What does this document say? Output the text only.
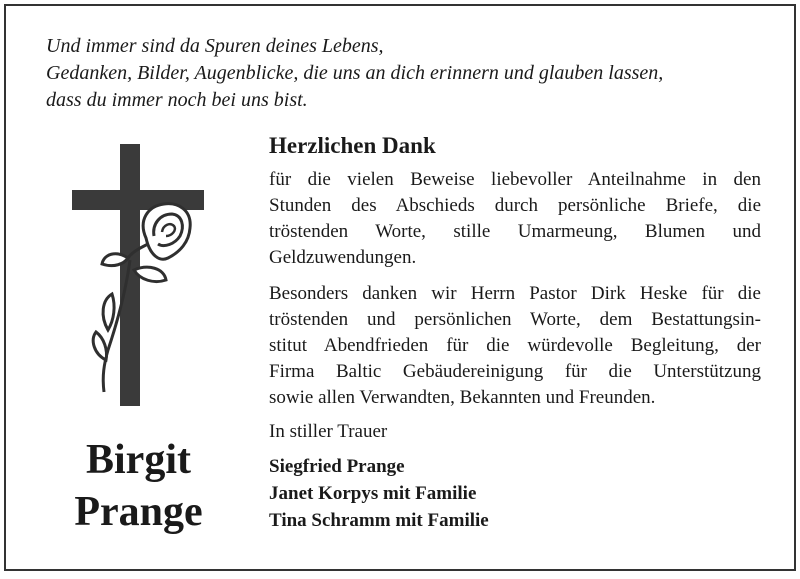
Und immer sind da Spuren deines Lebens,
Gedanken, Bilder, Augenblicke, die uns an dich erinnern und glauben lassen,
dass du immer noch bei uns bist.
Birgit
Prange
Herzlichen Dank
für die vielen Beweise liebevoller Anteilnahme in den
Stunden des Abschieds durch persönliche Briefe, die
tröstenden Worte, stille Umarmeung, Blumen und
Geldzuwendungen.
Besonders danken wir Herrn Pastor Dirk Heske für die
tröstenden und persönlichen Worte, dem Bestattungsin-
stitut Abendfrieden für die würdevolle Begleitung, der
Firma Baltic Gebäudereinigung für die Unterstützung
sowie allen Verwandten, Bekannten und Freunden.
In stiller Trauer
Siegfried Prange
Janet Korpys mit Familie
Tina Schramm mit Familie
